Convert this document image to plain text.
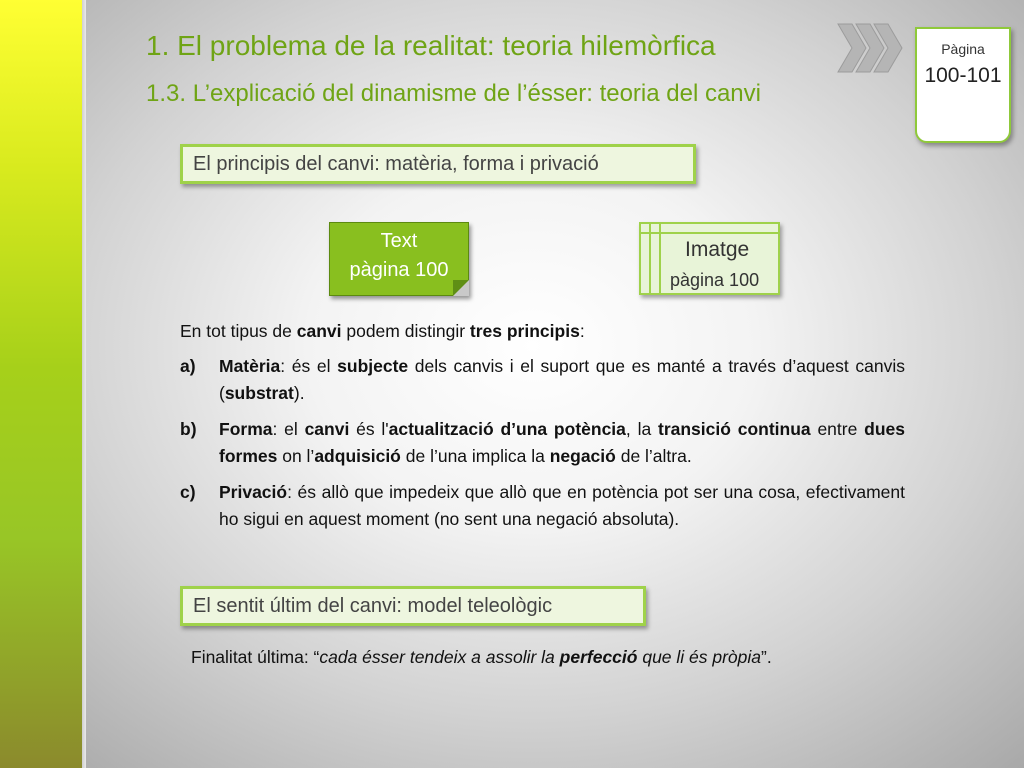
1. El problema de la realitat: teoria hilemòrfica
1.3. L’explicació del dinamisme de l’ésser: teoria del canvi
Pàgina
100-101
El principis del canvi: matèria, forma i privació
Text
pàgina 100
Imatge
pàgina 100
En tot tipus de canvi podem distingir tres principis:
a) Matèria: és el subjecte dels canvis i el suport que es manté a través d’aquest canvis (substrat).
b) Forma: el canvi és l'actualització d’una potència, la transició continua entre dues formes on l’adquisició de l’una implica la negació de l’altra.
c) Privació: és allò que impedeix que allò que en potència pot ser una cosa, efectivament ho sigui en aquest moment (no sent una negació absoluta).
El sentit últim del canvi: model teleològic
Finalitat última: “cada ésser tendeix a assolir la perfecció que li és pròpia”.
